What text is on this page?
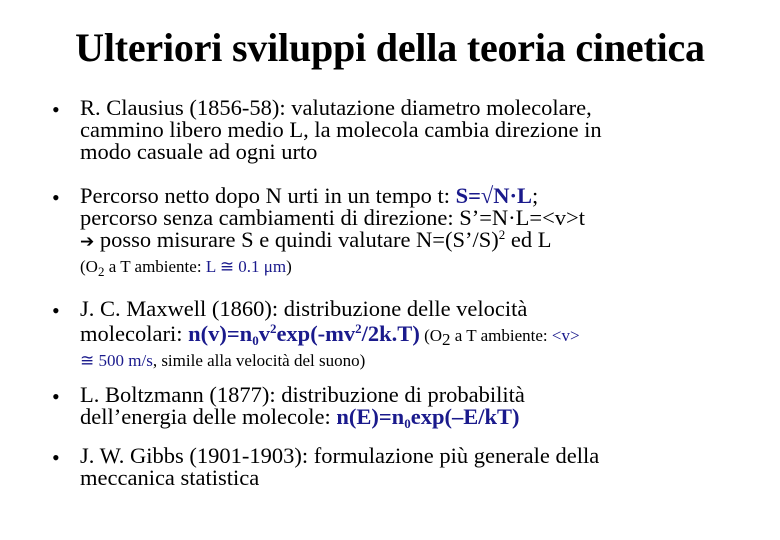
Ulteriori sviluppi della teoria cinetica
• R. Clausius (1856-58): valutazione diametro molecolare,
cammino libero medio L, la molecola cambia direzione in
modo casuale ad ogni urto
• Percorso netto dopo N urti in un tempo t: S=√N·L;
percorso senza cambiamenti di direzione: S’=N·L=<v>t
➔ posso misurare S e quindi valutare N=(S’/S)$^2$ ed L
($O_2$ a T ambiente: L ≅ 0.1 μm)
• J. C. Maxwell (1860): distribuzione delle velocità
molecolari: $n(v)=n_0v^2\exp(-mv^2/2k.T)$ ($O_2$ a T ambiente: <v>
≅ 500 m/s, simile alla velocità del suono)
• L. Boltzmann (1877): distribuzione di probabilità
dell’energia delle molecole: $n(E)=n_0\exp(-E/kT)$
• J. W. Gibbs (1901-1903): formulazione più generale della
meccanica statistica
